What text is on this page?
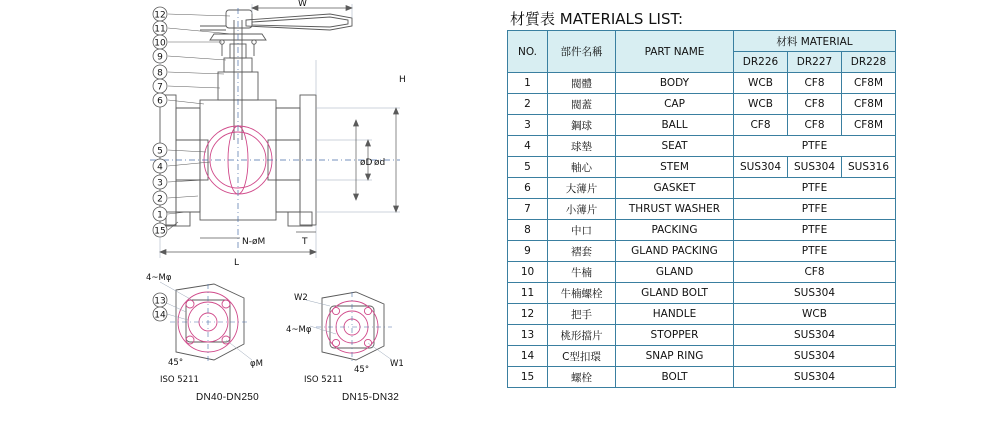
W
H
ød
øD
L
N-øM	T
12
11
10
9
8
7
6
5
4
3
2
1
15
4~Mφ
45°	φM
ISO 5211
13
14
W2
4~Mφ
45°
W1
ISO 5211
DN40-DN250	DN15-DN32
材質表 MATERIALS LIST:
NO.	部件名稱	PART NAME	材料 MATERIAL		
			DR226	DR227	DR228
1	閥體	BODY	WCB	CF8	CF8M
2	閥蓋	CAP	WCB	CF8	CF8M
3	鋼球	BALL	CF8	CF8	CF8M
4	球墊	SEAT	PTFE		
5	軸心	STEM	SUS304	SUS304	SUS316
6	大薄片	GASKET	PTFE		
7	小薄片	THRUST WASHER	PTFE		
8	中口	PACKING	PTFE		
9	褶套	GLAND PACKING	PTFE		
10	牛楠	GLAND	CF8		
11	牛楠螺栓	GLAND BOLT	SUS304		
12	把手	HANDLE	WCB		
13	桃形擋片	STOPPER	SUS304		
14	C型扣環	SNAP RING	SUS304		
15	螺栓	BOLT	SUS304		
